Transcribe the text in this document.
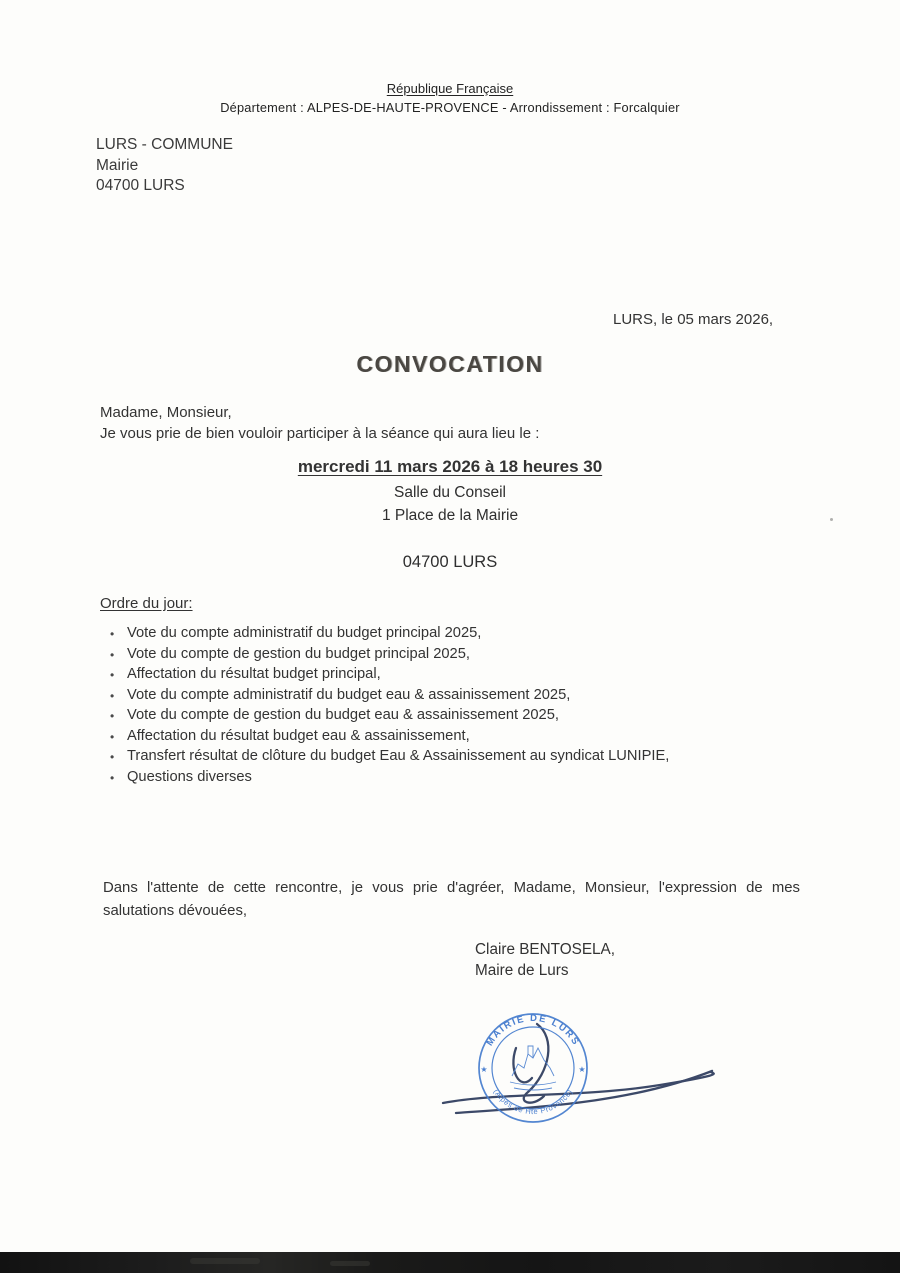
République Française
Département : ALPES-DE-HAUTE-PROVENCE - Arrondissement : Forcalquier
LURS - COMMUNE
Mairie
04700 LURS
LURS, le 05 mars 2026,
CONVOCATION
Madame, Monsieur,
Je vous prie de bien vouloir participer à la séance qui aura lieu le :
mercredi 11 mars 2026 à 18 heures 30
Salle du Conseil
1 Place de la Mairie
04700 LURS
Ordre du jour:
• Vote du compte administratif du budget principal 2025,
• Vote du compte de gestion du budget principal 2025,
• Affectation du résultat budget principal,
• Vote du compte administratif du budget eau & assainissement 2025,
• Vote du compte de gestion du budget eau & assainissement 2025,
• Affectation du résultat budget eau & assainissement,
• Transfert résultat de clôture du budget Eau & Assainissement au syndicat LUNIPIE,
• Questions diverses
Dans l'attente de cette rencontre, je vous prie d'agréer, Madame, Monsieur, l'expression de mes salutations dévouées,
Claire BENTOSELA,
Maire de Lurs
MAIRIE DE LURS
(Alpes de Hte Provence)
★	★
